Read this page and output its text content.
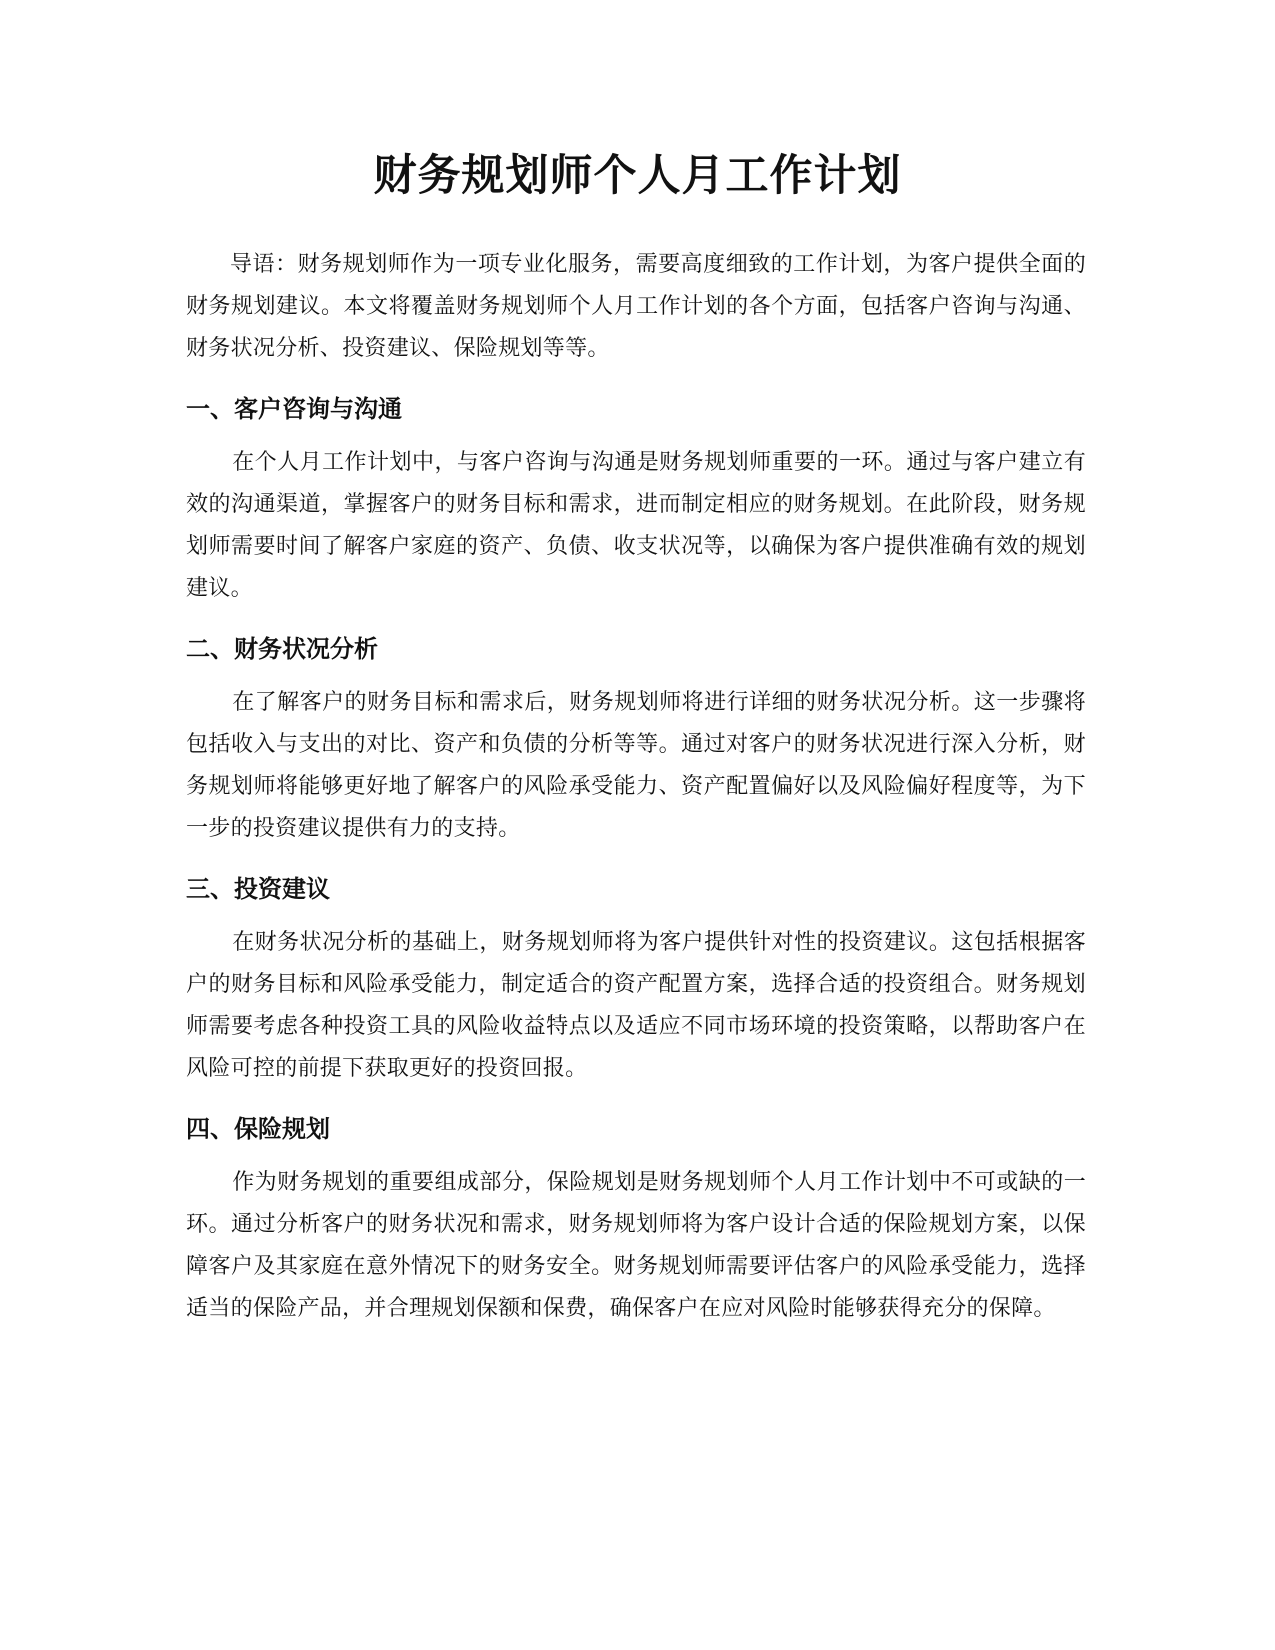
财务规划师个人月工作计划

导语：财务规划师作为一项专业化服务，需要高度细致的工作计划，为客户提供全面的财务规划建议。本文将覆盖财务规划师个人月工作计划的各个方面，包括客户咨询与沟通、财务状况分析、投资建议、保险规划等等。

一、客户咨询与沟通

在个人月工作计划中，与客户咨询与沟通是财务规划师重要的一环。通过与客户建立有效的沟通渠道，掌握客户的财务目标和需求，进而制定相应的财务规划。在此阶段，财务规划师需要时间了解客户家庭的资产、负债、收支状况等，以确保为客户提供准确有效的规划建议。

二、财务状况分析

在了解客户的财务目标和需求后，财务规划师将进行详细的财务状况分析。这一步骤将包括收入与支出的对比、资产和负债的分析等等。通过对客户的财务状况进行深入分析，财务规划师将能够更好地了解客户的风险承受能力、资产配置偏好以及风险偏好程度等，为下一步的投资建议提供有力的支持。

三、投资建议

在财务状况分析的基础上，财务规划师将为客户提供针对性的投资建议。这包括根据客户的财务目标和风险承受能力，制定适合的资产配置方案，选择合适的投资组合。财务规划师需要考虑各种投资工具的风险收益特点以及适应不同市场环境的投资策略，以帮助客户在风险可控的前提下获取更好的投资回报。

四、保险规划

作为财务规划的重要组成部分，保险规划是财务规划师个人月工作计划中不可或缺的一环。通过分析客户的财务状况和需求，财务规划师将为客户设计合适的保险规划方案，以保障客户及其家庭在意外情况下的财务安全。财务规划师需要评估客户的风险承受能力，选择适当的保险产品，并合理规划保额和保费，确保客户在应对风险时能够获得充分的保障。
